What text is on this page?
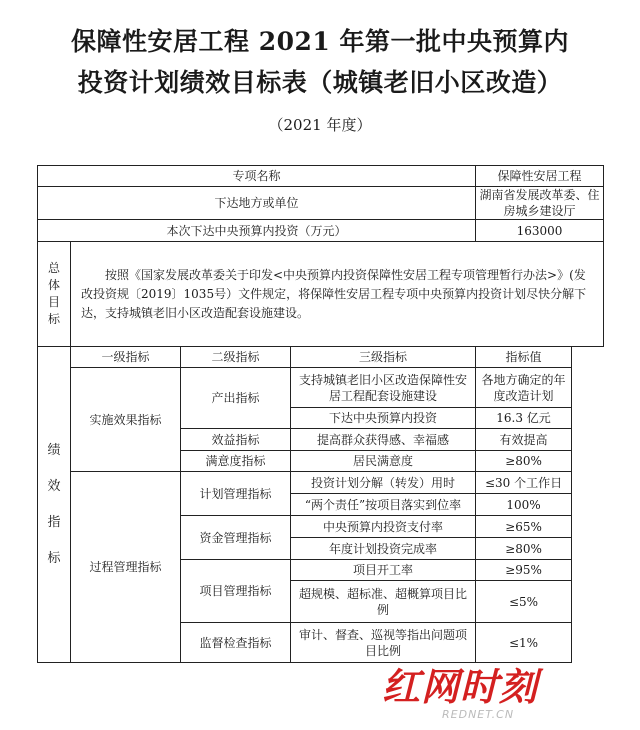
保障性安居工程 2021 年第一批中央预算内
投资计划绩效目标表（城镇老旧小区改造）
（2021 年度）
专项名称				保障性安居工程
下达地方或单位				湖南省发展改革委、住房城乡建设厅
本次下达中央预算内投资（万元）				163000

总
体
目
标	按照《国家发展改革委关于印发<中央预算内投资保障性安居工程专项管理暂行办法>》(发改投资规〔2019〕1035号）文件规定，将保障性安居工程专项中央预算内投资计划尽快分解下达，支持城镇老旧小区改造配套设施建设。			

绩
效
指
标	一级指标	二级指标	三级指标	指标值
	实施效果指标	产出指标	支持城镇老旧小区改造保障性安居工程配套设施建设	各地方确定的年度改造计划
			下达中央预算内投资	16.3 亿元
		效益指标	提高群众获得感、幸福感	有效提高
		满意度指标	居民满意度	≥80%
	过程管理指标	计划管理指标	投资计划分解（转发）用时	≤30 个工作日
			“两个责任”按项目落实到位率	100%
		资金管理指标	中央预算内投资支付率	≥65%
			年度计划投资完成率	≥80%
		项目管理指标	项目开工率	≥95%
			超规模、超标准、超概算项目比例	≤5%
		监督检查指标	审计、督查、巡视等指出问题项目比例	≤1%
红网时刻
REDNET.CN
